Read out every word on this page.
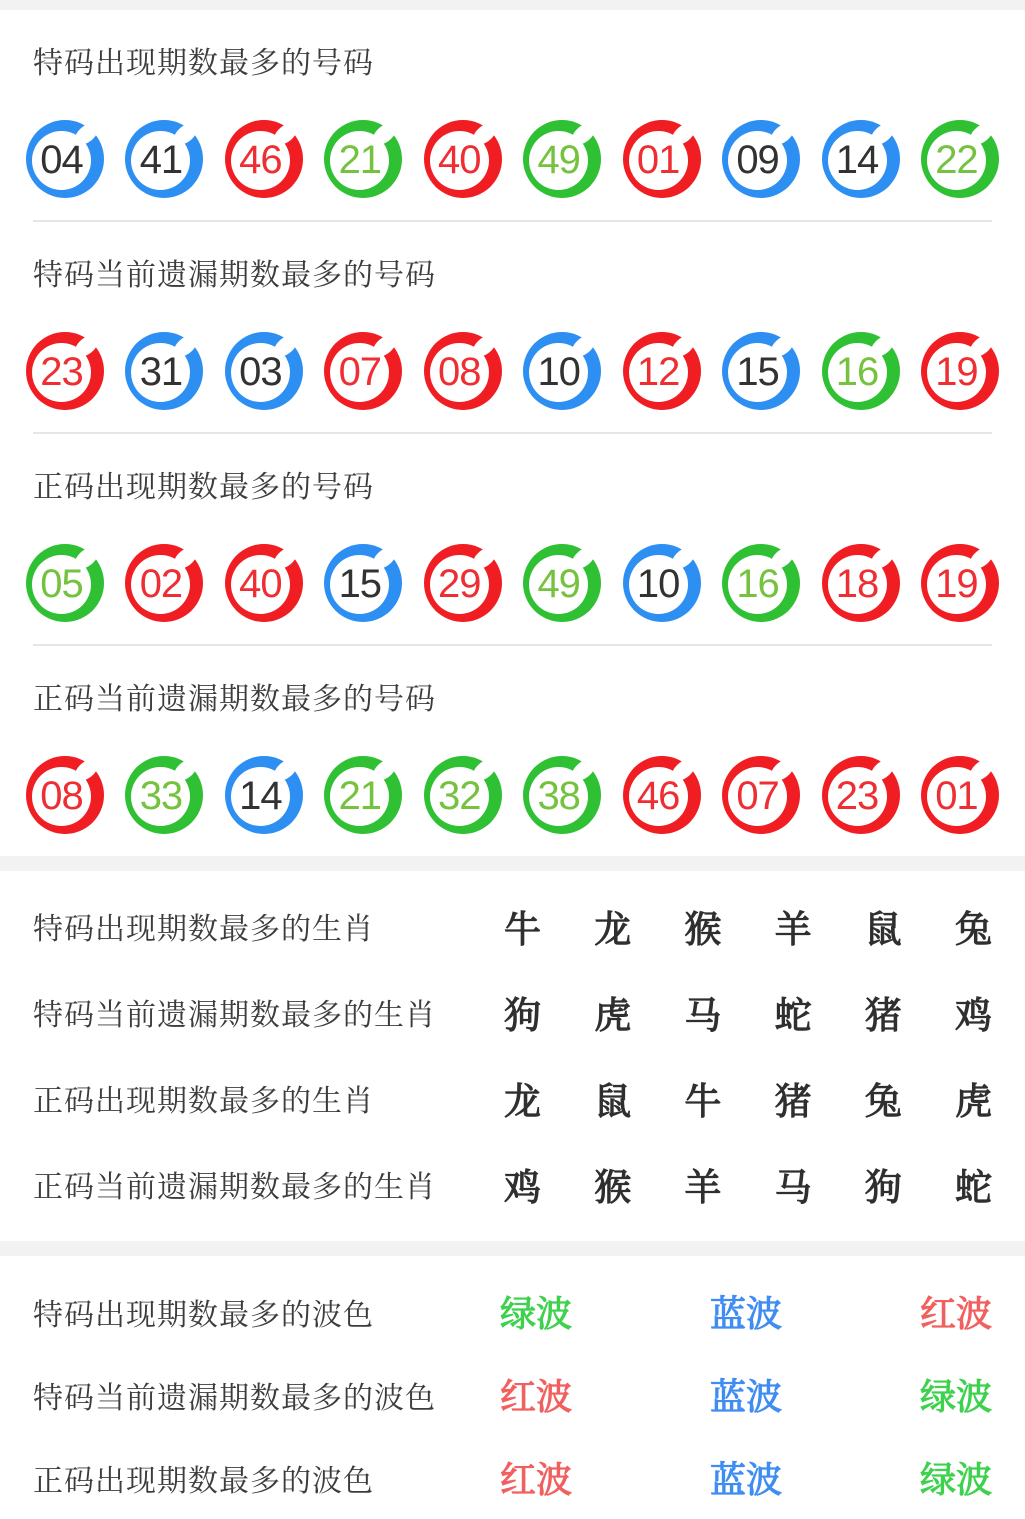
特码出现期数最多的号码
04 41 46 21 40 49 01 09 14 22
特码当前遗漏期数最多的号码
23 31 03 07 08 10 12 15 16 19
正码出现期数最多的号码
05 02 40 15 29 49 10 16 18 19
正码当前遗漏期数最多的号码
08 33 14 21 32 38 46 07 23 01
特码出现期数最多的生肖	牛 龙 猴 羊 鼠 兔
特码当前遗漏期数最多的生肖 狗 虎 马 蛇 猪 鸡
正码出现期数最多的生肖	龙 鼠 牛 猪 兔 虎
正码当前遗漏期数最多的生肖 鸡 猴 羊 马 狗 蛇
特码出现期数最多的波色	绿波	蓝波	红波
特码当前遗漏期数最多的波色 红波	蓝波	绿波
正码出现期数最多的波色	红波	蓝波	绿波
